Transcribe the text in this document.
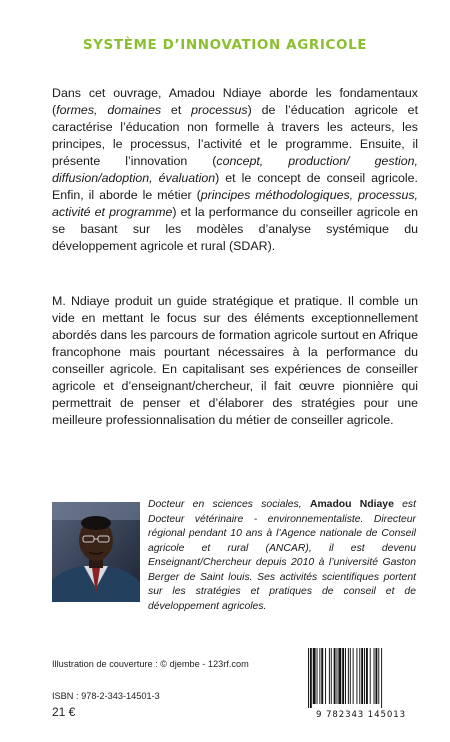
SYSTÈME D’INNOVATION AGRICOLE

Dans cet ouvrage, Amadou Ndiaye aborde les fondamentaux (formes, domaines et processus) de l’éducation agricole et caractérise l’éducation non formelle à travers les acteurs, les principes, le processus, l’activité et le programme. Ensuite, il présente l’innovation (concept, production/ gestion, diffusion/adoption, évaluation) et le concept de conseil agricole. Enfin, il aborde le métier (principes méthodologiques, processus, activité et programme) et la performance du conseiller agricole en se basant sur les modèles d’analyse systémique du développement agricole et rural (SDAR).

M. Ndiaye produit un guide stratégique et pratique. Il comble un vide en mettant le focus sur des éléments exceptionnellement abordés dans les parcours de formation agricole surtout en Afrique francophone mais pourtant nécessaires à la performance du conseiller agricole. En capitalisant ses expériences de conseiller agricole et d’enseignant/chercheur, il fait œuvre pionnière qui permettrait de penser et d’élaborer des stratégies pour une meilleure professionnalisation du métier de conseiller agricole.

Docteur en sciences sociales, Amadou Ndiaye est Docteur vétérinaire - environnementaliste. Directeur régional pendant 10 ans à l’Agence nationale de Conseil agricole et rural (ANCAR), il est devenu Enseignant/Chercheur depuis 2010 à l’université Gaston Berger de Saint louis. Ses activités scientifiques portent sur les stratégies et pratiques de conseil et de développement agricoles.

Illustration de couverture : © djembe - 123rf.com
ISBN : 978-2-343-14501-3
21 €	9 782343 145013
